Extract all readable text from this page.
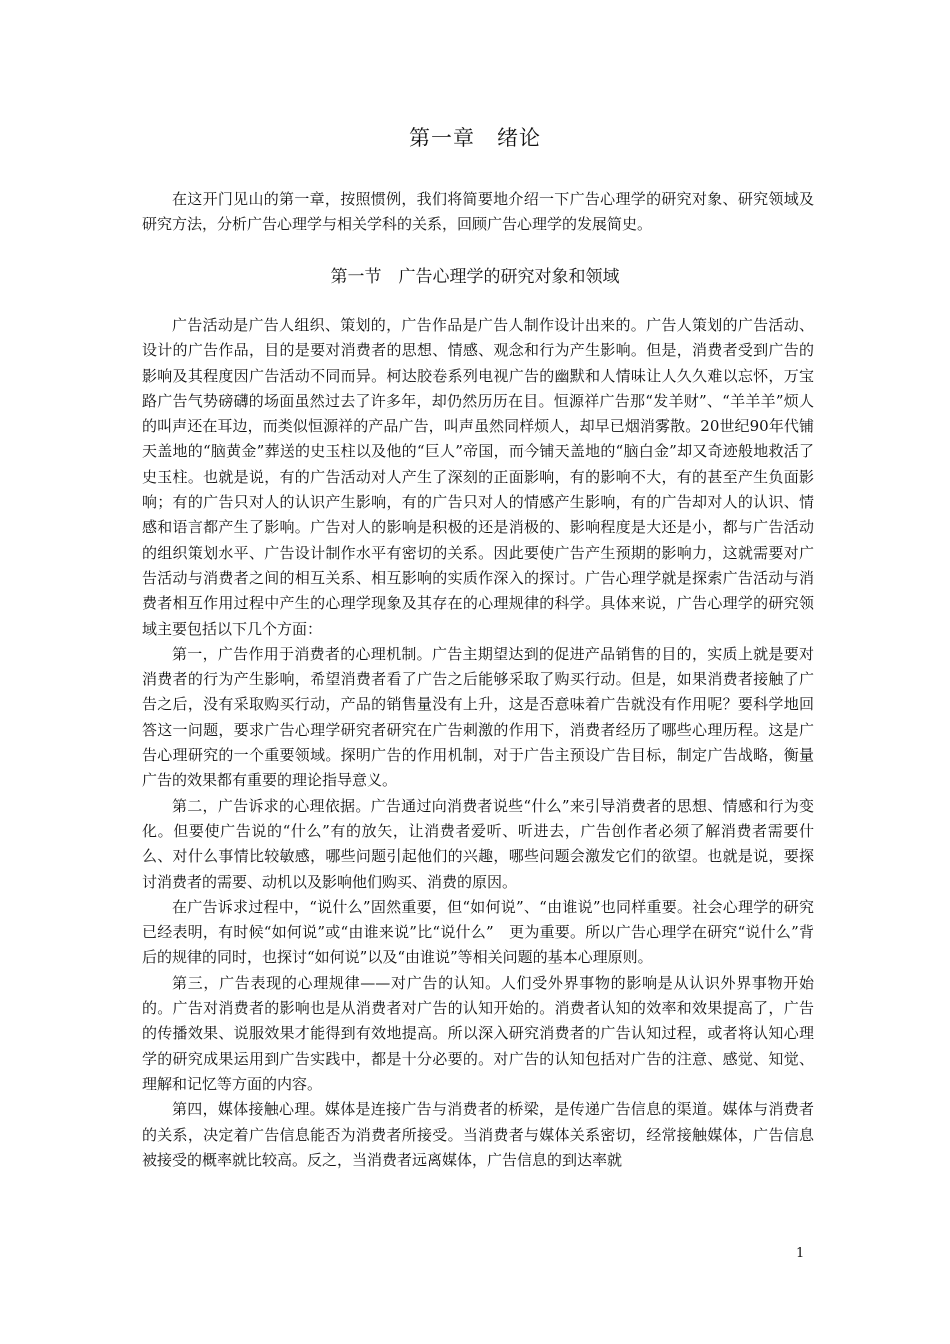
第一章　绪论

在这开门见山的第一章，按照惯例，我们将简要地介绍一下广告心理学的研究对象、研究领域及研究方法，分析广告心理学与相关学科的关系，回顾广告心理学的发展简史。

第一节　广告心理学的研究对象和领域

广告活动是广告人组织、策划的，广告作品是广告人制作设计出来的。广告人策划的广告活动、设计的广告作品，目的是要对消费者的思想、情感、观念和行为产生影响。但是，消费者受到广告的影响及其程度因广告活动不同而异。柯达胶卷系列电视广告的幽默和人情味让人久久难以忘怀，万宝路广告气势磅礴的场面虽然过去了许多年，却仍然历历在目。恒源祥广告那“发羊财”、“羊羊羊”烦人的叫声还在耳边，而类似恒源祥的产品广告，叫声虽然同样烦人，却早已烟消雾散。20世纪90年代铺天盖地的“脑黄金”葬送的史玉柱以及他的“巨人”帝国，而今铺天盖地的“脑白金”却又奇迹般地救活了史玉柱。也就是说，有的广告活动对人产生了深刻的正面影响，有的影响不大，有的甚至产生负面影响；有的广告只对人的认识产生影响，有的广告只对人的情感产生影响，有的广告却对人的认识、情感和语言都产生了影响。广告对人的影响是积极的还是消极的、影响程度是大还是小，都与广告活动的组织策划水平、广告设计制作水平有密切的关系。因此要使广告产生预期的影响力，这就需要对广告活动与消费者之间的相互关系、相互影响的实质作深入的探讨。广告心理学就是探索广告活动与消费者相互作用过程中产生的心理学现象及其存在的心理规律的科学。具体来说，广告心理学的研究领域主要包括以下几个方面：

第一，广告作用于消费者的心理机制。广告主期望达到的促进产品销售的目的，实质上就是要对消费者的行为产生影响，希望消费者看了广告之后能够采取了购买行动。但是，如果消费者接触了广告之后，没有采取购买行动，产品的销售量没有上升，这是否意味着广告就没有作用呢？要科学地回答这一问题，要求广告心理学研究者研究在广告刺激的作用下，消费者经历了哪些心理历程。这是广告心理研究的一个重要领域。探明广告的作用机制，对于广告主预设广告目标，制定广告战略，衡量广告的效果都有重要的理论指导意义。

第二，广告诉求的心理依据。广告通过向消费者说些“什么”来引导消费者的思想、情感和行为变化。但要使广告说的“什么”有的放矢，让消费者爱听、听进去，广告创作者必须了解消费者需要什么、对什么事情比较敏感，哪些问题引起他们的兴趣，哪些问题会激发它们的欲望。也就是说，要探讨消费者的需要、动机以及影响他们购买、消费的原因。

在广告诉求过程中，“说什么”固然重要，但“如何说”、“由谁说”也同样重要。社会心理学的研究已经表明，有时候“如何说”或“由谁来说”比“说什么”　更为重要。所以广告心理学在研究“说什么”背后的规律的同时，也探讨“如何说”以及“由谁说”等相关问题的基本心理原则。

第三，广告表现的心理规律——对广告的认知。人们受外界事物的影响是从认识外界事物开始的。广告对消费者的影响也是从消费者对广告的认知开始的。消费者认知的效率和效果提高了，广告的传播效果、说服效果才能得到有效地提高。所以深入研究消费者的广告认知过程，或者将认知心理学的研究成果运用到广告实践中，都是十分必要的。对广告的认知包括对广告的注意、感觉、知觉、理解和记忆等方面的内容。

第四，媒体接触心理。媒体是连接广告与消费者的桥梁，是传递广告信息的渠道。媒体与消费者的关系，决定着广告信息能否为消费者所接受。当消费者与媒体关系密切，经常接触媒体，广告信息被接受的概率就比较高。反之，当消费者远离媒体，广告信息的到达率就

1
